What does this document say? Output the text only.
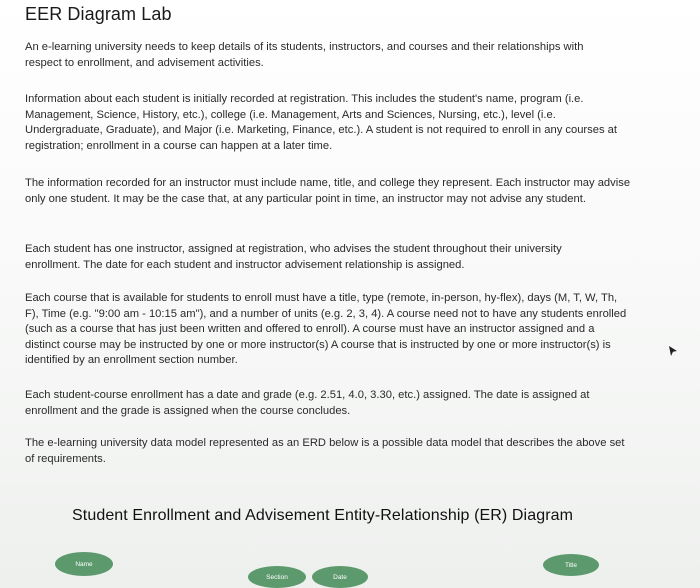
EER Diagram Lab

An e-learning university needs to keep details of its students, instructors, and courses and their relationships with respect to enrollment, and advisement activities.

Information about each student is initially recorded at registration. This includes the student's name, program (i.e. Management, Science, History, etc.), college (i.e. Management, Arts and Sciences, Nursing, etc.), level (i.e. Undergraduate, Graduate), and Major (i.e. Marketing, Finance, etc.). A student is not required to enroll in any courses at registration; enrollment in a course can happen at a later time.

The information recorded for an instructor must include name, title, and college they represent. Each instructor may advise only one student. It may be the case that, at any particular point in time, an instructor may not advise any student.

Each student has one instructor, assigned at registration, who advises the student throughout their university enrollment. The date for each student and instructor advisement relationship is assigned.

Each course that is available for students to enroll must have a title, type (remote, in-person, hy-flex), days (M, T, W, Th, F), Time (e.g. "9:00 am - 10:15 am"), and a number of units (e.g. 2, 3, 4). A course need not to have any students enrolled (such as a course that has just been written and offered to enroll). A course must have an instructor assigned and a distinct course may be instructed by one or more instructor(s) A course that is instructed by one or more instructor(s) is identified by an enrollment section number.

Each student-course enrollment has a date and grade (e.g. 2.51, 4.0, 3.30, etc.) assigned. The date is assigned at enrollment and the grade is assigned when the course concludes.

The e-learning university data model represented as an ERD below is a possible data model that describes the above set of requirements.

Student Enrollment and Advisement Entity-Relationship (ER) Diagram
Name
Section	Date
Title
